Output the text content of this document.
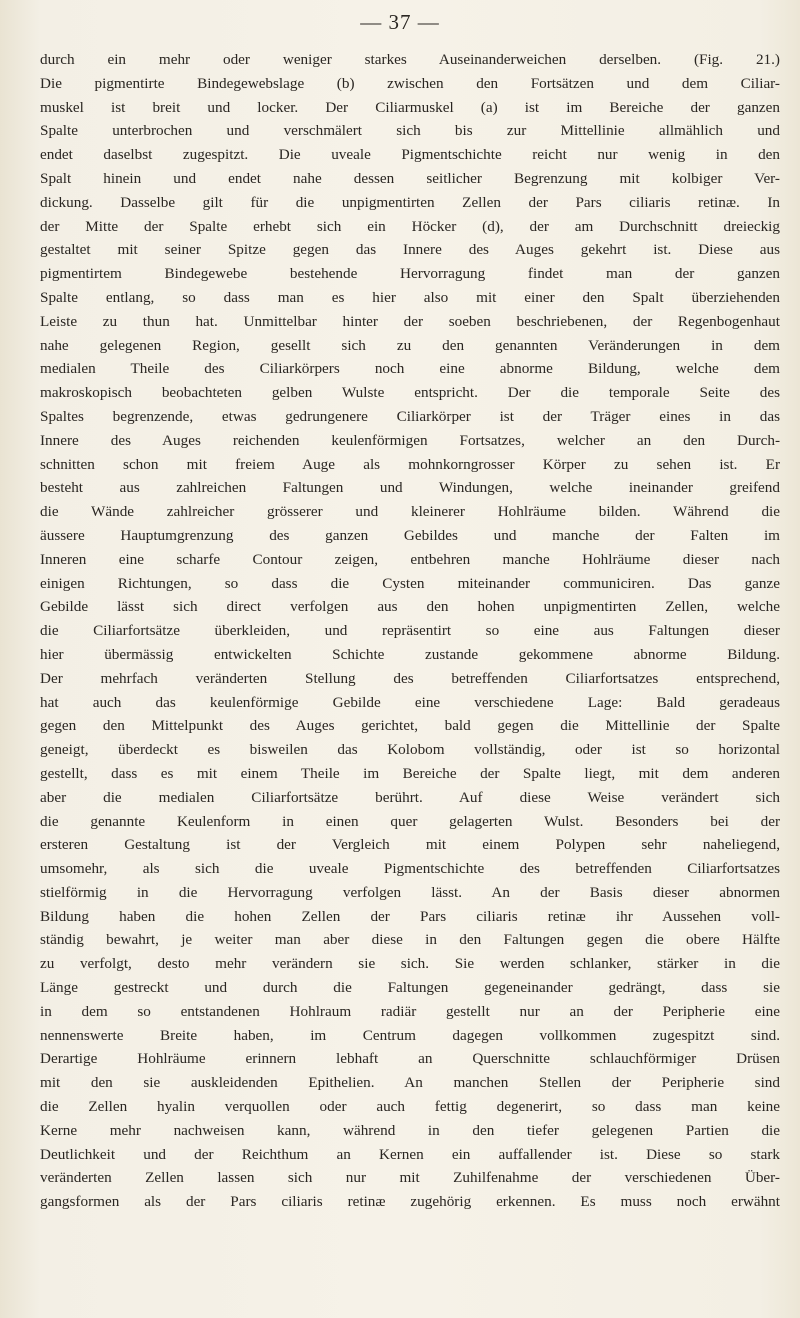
— 37 —
durch ein mehr oder weniger starkes Auseinanderweichen derselben. (Fig. 21.)
Die pigmentirte Bindegewebslage (b) zwischen den Fortsätzen und dem Ciliar-
muskel ist breit und locker. Der Ciliarmuskel (a) ist im Bereiche der ganzen
Spalte unterbrochen und verschmälert sich bis zur Mittellinie allmählich und
endet daselbst zugespitzt. Die uveale Pigmentschichte reicht nur wenig in den
Spalt hinein und endet nahe dessen seitlicher Begrenzung mit kolbiger Ver-
dickung. Dasselbe gilt für die unpigmentirten Zellen der Pars ciliaris retinæ. In
der Mitte der Spalte erhebt sich ein Höcker (d), der am Durchschnitt dreieckig
gestaltet mit seiner Spitze gegen das Innere des Auges gekehrt ist. Diese aus
pigmentirtem Bindegewebe bestehende Hervorragung findet man der ganzen
Spalte entlang, so dass man es hier also mit einer den Spalt überziehenden
Leiste zu thun hat. Unmittelbar hinter der soeben beschriebenen, der Regenbogenhaut
nahe gelegenen Region, gesellt sich zu den genannten Veränderungen in dem
medialen Theile des Ciliarkörpers noch eine abnorme Bildung, welche dem
makroskopisch beobachteten gelben Wulste entspricht. Der die temporale Seite des
Spaltes begrenzende, etwas gedrungenere Ciliarkörper ist der Träger eines in das
Innere des Auges reichenden keulenförmigen Fortsatzes, welcher an den Durch-
schnitten schon mit freiem Auge als mohnkorngrosser Körper zu sehen ist. Er
besteht aus zahlreichen Faltungen und Windungen, welche ineinander greifend
die Wände zahlreicher grösserer und kleinerer Hohlräume bilden. Während die
äussere Hauptumgrenzung des ganzen Gebildes und manche der Falten im
Inneren eine scharfe Contour zeigen, entbehren manche Hohlräume dieser nach
einigen Richtungen, so dass die Cysten miteinander communiciren. Das ganze
Gebilde lässt sich direct verfolgen aus den hohen unpigmentirten Zellen, welche
die Ciliarfortsätze überkleiden, und repräsentirt so eine aus Faltungen dieser
hier übermässig entwickelten Schichte zustande gekommene abnorme Bildung.
Der mehrfach veränderten Stellung des betreffenden Ciliarfortsatzes entsprechend,
hat auch das keulenförmige Gebilde eine verschiedene Lage: Bald geradeaus
gegen den Mittelpunkt des Auges gerichtet, bald gegen die Mittellinie der Spalte
geneigt, überdeckt es bisweilen das Kolobom vollständig, oder ist so horizontal
gestellt, dass es mit einem Theile im Bereiche der Spalte liegt, mit dem anderen
aber die medialen Ciliarfortsätze berührt. Auf diese Weise verändert sich
die genannte Keulenform in einen quer gelagerten Wulst. Besonders bei der
ersteren Gestaltung ist der Vergleich mit einem Polypen sehr naheliegend,
umsomehr, als sich die uveale Pigmentschichte des betreffenden Ciliarfortsatzes
stielförmig in die Hervorragung verfolgen lässt. An der Basis dieser abnormen
Bildung haben die hohen Zellen der Pars ciliaris retinæ ihr Aussehen voll-
ständig bewahrt, je weiter man aber diese in den Faltungen gegen die obere Hälfte
zu verfolgt, desto mehr verändern sie sich. Sie werden schlanker, stärker in die
Länge gestreckt und durch die Faltungen gegeneinander gedrängt, dass sie
in dem so entstandenen Hohlraum radiär gestellt nur an der Peripherie eine
nennenswerte Breite haben, im Centrum dagegen vollkommen zugespitzt sind.
Derartige Hohlräume erinnern lebhaft an Querschnitte schlauchförmiger Drüsen
mit den sie auskleidenden Epithelien. An manchen Stellen der Peripherie sind
die Zellen hyalin verquollen oder auch fettig degenerirt, so dass man keine
Kerne mehr nachweisen kann, während in den tiefer gelegenen Partien die
Deutlichkeit und der Reichthum an Kernen ein auffallender ist. Diese so stark
veränderten Zellen lassen sich nur mit Zuhilfenahme der verschiedenen Über-
gangsformen als der Pars ciliaris retinæ zugehörig erkennen. Es muss noch erwähnt
